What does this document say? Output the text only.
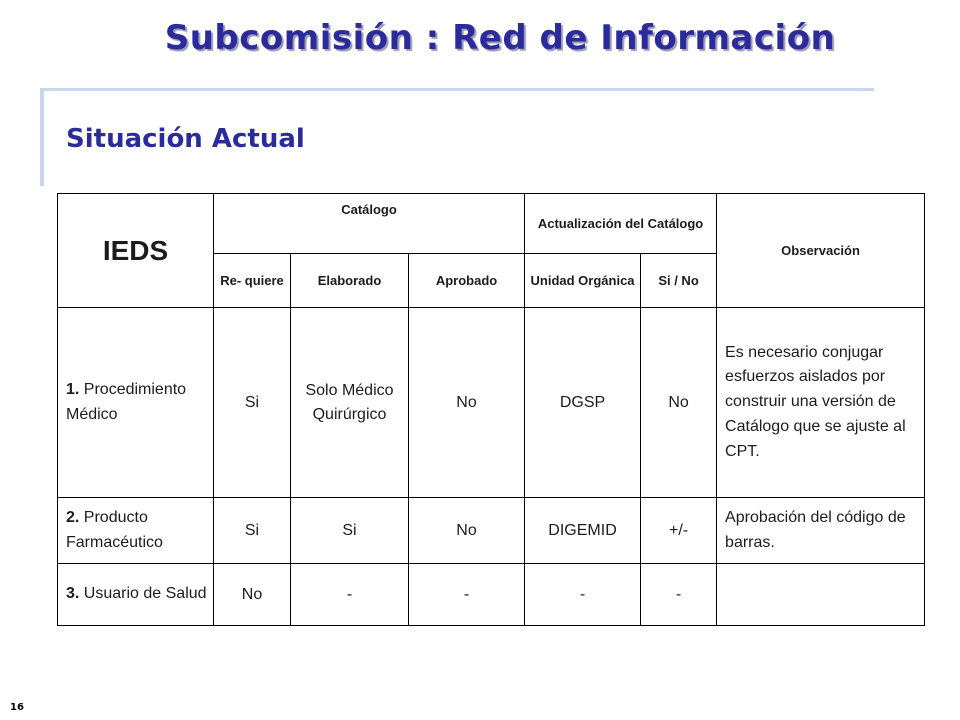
Subcomisión : Red de Información
Situación Actual
IEDS	Catálogo			Actualización del Catálogo		Observación
	Re- quiere	Elaborado	Aprobado	Unidad Orgánica	Si / No	
1. Procedimiento Médico	Si	Solo Médico Quirúrgico	No	DGSP	No	Es necesario conjugar esfuerzos aislados por construir una versión de Catálogo que se ajuste al CPT.
2. Producto Farmacéutico	Si	Si	No	DIGEMID	+/-	Aprobación del código de barras.
3. Usuario de Salud	No	-	-	-	-	
16
